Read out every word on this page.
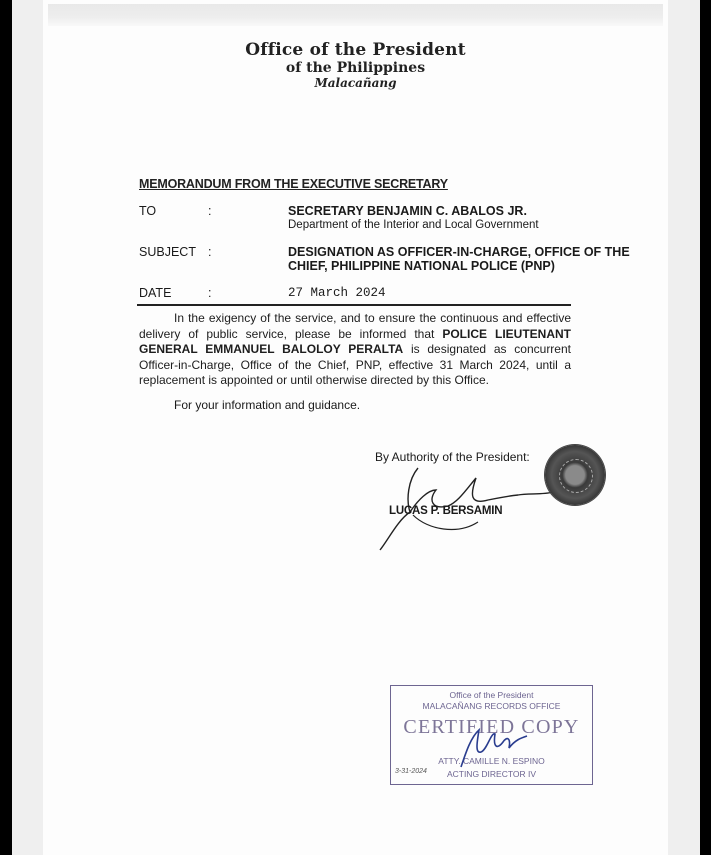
Office of the President
of the Philippines
Malacañang
MEMORANDUM FROM THE EXECUTIVE SECRETARY
TO	:	SECRETARY BENJAMIN C. ABALOS JR.
Department of the Interior and Local Government
SUBJECT :	DESIGNATION AS OFFICER-IN-CHARGE, OFFICE OF THE
CHIEF, PHILIPPINE NATIONAL POLICE (PNP)
DATE	:	27 March 2024

In the exigency of the service, and to ensure the continuous and effective delivery of public service, please be informed that POLICE LIEUTENANT GENERAL EMMANUEL BALOLOY PERALTA is designated as concurrent Officer-in-Charge, Office of the Chief, PNP, effective 31 March 2024, until a replacement is appointed or until otherwise directed by this Office.

For your information and guidance.
By Authority of the President:
LUCAS P. BERSAMIN
Office of the President
MALACAÑANG RECORDS OFFICE
CERTIFIED COPY
ATTY. CAMILLE N. ESPINO
ACTING DIRECTOR IV
3-31-2024
